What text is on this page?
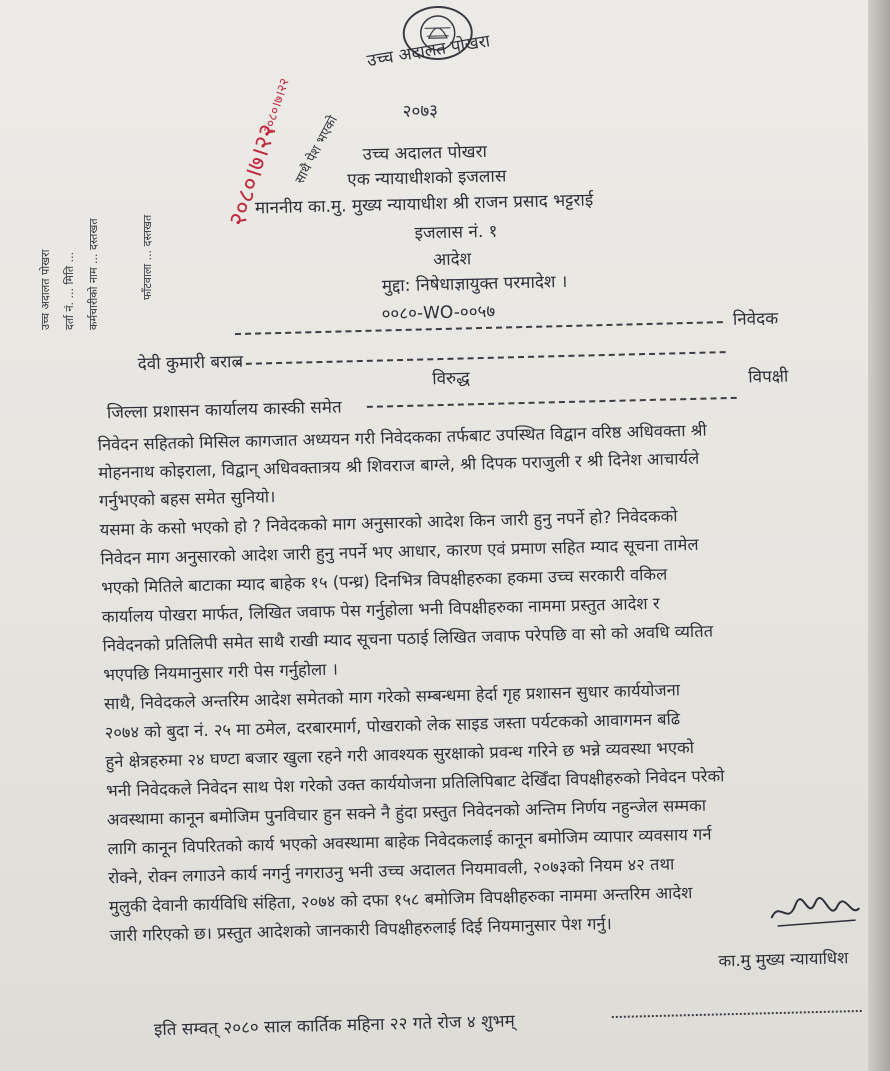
उच्च अदालत पोखरा
२०७३
उच्च अदालत पोखरा
एक न्यायाधीशको इजलास
माननीय का.मु. मुख्य न्यायाधीश श्री राजन प्रसाद भट्टराई
इजलास नं. १
आदेश
मुद्दा: निषेधाज्ञायुक्त परमादेश ।
००८०-WO-००५७	निवेदक
देवी कुमारी बराल
विरुद्ध	विपक्षी
जिल्ला प्रशासन कार्यालय कास्की समेत
निवेदन सहितको मिसिल कागजात अध्ययन गरी निवेदकका तर्फबाट उपस्थित विद्वान वरिष्ठ अधिवक्ता श्री
मोहननाथ कोइराला, विद्वान् अधिवक्तात्रय श्री शिवराज बाग्ले, श्री दिपक पराजुली र श्री दिनेश आचार्यले
गर्नुभएको बहस समेत सुनियो।
यसमा के कसो भएको हो ? निवेदकको माग अनुसारको आदेश किन जारी हुनु नपर्ने हो? निवेदकको
निवेदन माग अनुसारको आदेश जारी हुनु नपर्ने भए आधार, कारण एवं प्रमाण सहित म्याद सूचना तामेल
भएको मितिले बाटाका म्याद बाहेक १५ (पन्ध्र) दिनभित्र विपक्षीहरुका हकमा उच्च सरकारी वकिल
कार्यालय पोखरा मार्फत, लिखित जवाफ पेस गर्नुहोला भनी विपक्षीहरुका नाममा प्रस्तुत आदेश र
निवेदनको प्रतिलिपी समेत साथै राखी म्याद सूचना पठाई लिखित जवाफ परेपछि वा सो को अवधि व्यतित
भएपछि नियमानुसार गरी पेस गर्नुहोला ।
साथै, निवेदकले अन्तरिम आदेश समेतको माग गरेको सम्बन्धमा हेर्दा गृह प्रशासन सुधार कार्ययोजना
२०७४ को बुदा नं. २५ मा ठमेल, दरबारमार्ग, पोखराको लेक साइड जस्ता पर्यटकको आवागमन बढि
हुने क्षेत्रहरुमा २४ घण्टा बजार खुला रहने गरी आवश्यक सुरक्षाको प्रवन्ध गरिने छ भन्ने व्यवस्था भएको
भनी निवेदकले निवेदन साथ पेश गरेको उक्त कार्ययोजना प्रतिलिपिबाट देखिँदा विपक्षीहरुको निवेदन परेको
अवस्थामा कानून बमोजिम पुनविचार हुन सक्ने नै हुंदा प्रस्तुत निवेदनको अन्तिम निर्णय नहुन्जेल सम्मका
लागि कानून विपरितको कार्य भएको अवस्थामा बाहेक निवेदकलाई कानून बमोजिम व्यापार व्यवसाय गर्न
रोक्ने, रोक्न लगाउने कार्य नगर्नु नगराउनु भनी उच्च अदालत नियमावली, २०७३को नियम ४२ तथा
मुलुकी देवानी कार्यविधि संहिता, २०७४ को दफा १५८ बमोजिम विपक्षीहरुका नाममा अन्तरिम आदेश
जारी गरिएको छ। प्रस्तुत आदेशको जानकारी विपक्षीहरुलाई दिई नियमानुसार पेश गर्नु।
का.मु मुख्य न्यायाधिश
इति सम्वत् २०८० साल कार्तिक महिना २२ गते रोज ४ शुभम्
उच्च अदालत पोखरा दर्ता नं. ... मिति ... कर्मचारीको नाम ... दस्तखत	फाँटवाला ... दस्तखत
साथै पेश भएको
२०८०।७।२२
२०८०।७।२२
